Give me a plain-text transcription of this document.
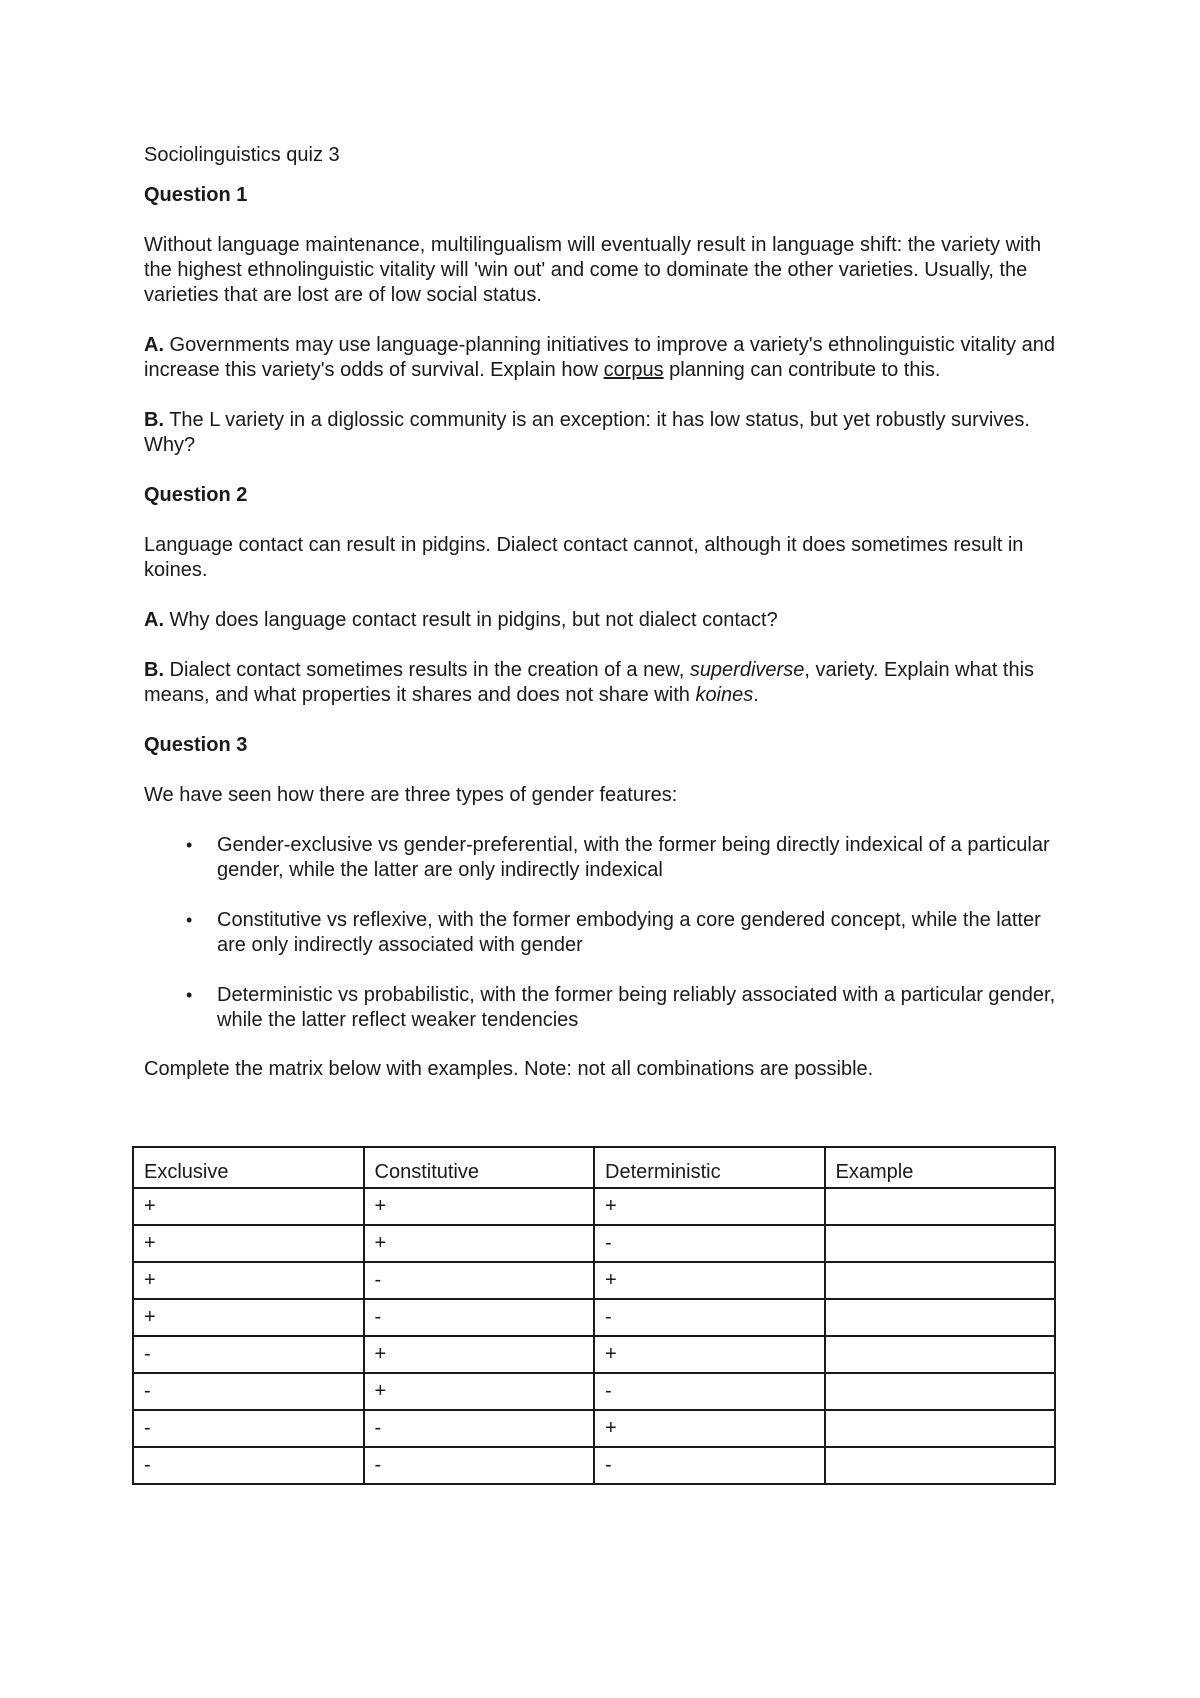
Sociolinguistics quiz 3
Question 1

Without language maintenance, multilingualism will eventually result in language shift: the variety with the highest ethnolinguistic vitality will 'win out' and come to dominate the other varieties. Usually, the varieties that are lost are of low social status.

A. Governments may use language-planning initiatives to improve a variety's ethnolinguistic vitality and increase this variety's odds of survival. Explain how corpus planning can contribute to this.

B. The L variety in a diglossic community is an exception: it has low status, but yet robustly survives. Why?

Question 2

Language contact can result in pidgins. Dialect contact cannot, although it does sometimes result in koines.

A. Why does language contact result in pidgins, but not dialect contact?

B. Dialect contact sometimes results in the creation of a new, superdiverse, variety. Explain what this means, and what properties it shares and does not share with koines.

Question 3

We have seen how there are three types of gender features:

• Gender-exclusive vs gender-preferential, with the former being directly indexical of a particular gender, while the latter are only indirectly indexical
• Constitutive vs reflexive, with the former embodying a core gendered concept, while the latter are only indirectly associated with gender
• Deterministic vs probabilistic, with the former being reliably associated with a particular gender, while the latter reflect weaker tendencies

Complete the matrix below with examples. Note: not all combinations are possible.

Exclusive	Constitutive	Deterministic	Example
+	+	+	
+	+	-	
+	-	+	
+	-	-	
-	+	+	
-	+	-	
-	-	+	
-	-	-	
